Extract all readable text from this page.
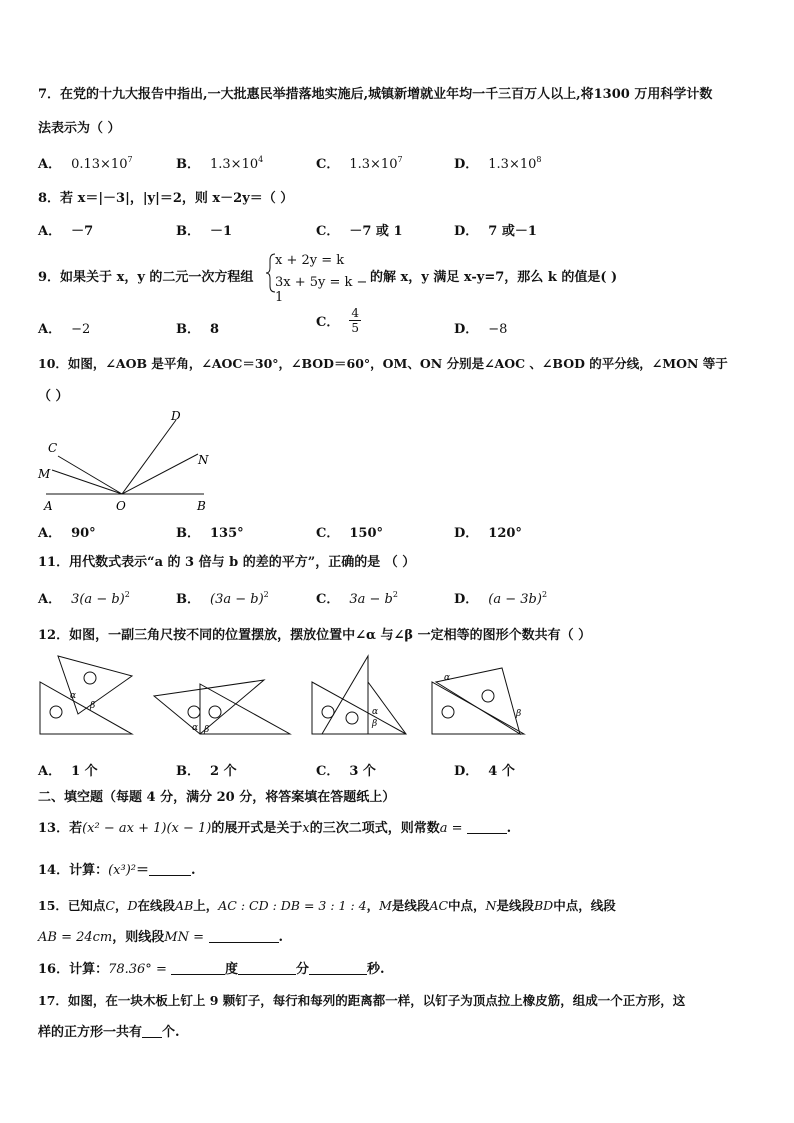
7．在党的十九大报告中指出,一大批惠民举措落地实施后,城镇新增就业年均一千三百万人以上,将1300 万用科学计数
法表示为（ ）
A． $0.13\times 10^7$	B． $1.3\times 10^4$	C． $1.3\times 10^7$	D． $1.3\times 10^8$
8．若 x＝|－3|，|y|＝2，则 x－2y＝（ ）
A． －7	B． －1	C． －7 或 1	D． 7 或－1
9．如果关于 x，y 的二元一次方程组
x + 2y = k
3x + 5y = k − 1
的解 x，y 满足 x-y=7，那么 k 的值是( )
A． −2	B． 8	C． $\frac{4}{5}$	D． −8
10．如图，∠AOB 是平角，∠AOC＝30°，∠BOD＝60°，OM、ON 分别是∠AOC 、∠BOD 的平分线，∠MON 等于
（ ）
A	B
O
C
M
D
N
A． 90°	B． 135°	C． 150°	D． 120°
11．用代数式表示“a 的 3 倍与 b 的差的平方”，正确的是 （ ）
A． $3(a - b)^2$	B． $(3a - b)^2$	C． $3a - b^2$	D． $(a - 3b)^2$
12．如图，一副三角尺按不同的位置摆放，摆放位置中∠α 与∠β 一定相等的图形个数共有（ ）
α
β
α β
α
β
α
β
A． 1 个	B． 2 个	C． 3 个	D． 4 个
二、填空题（每题 4 分，满分 20 分，将答案填在答题纸上）
13．若(x² − ax + 1)(x − 1)的展开式是关于x的三次二项式，则常数a =	.
14．计算：(x³)²＝	.
15．已知点C，D在线段AB上，AC : CD : DB = 3 : 1 : 4，M是线段AC中点，N是线段BD中点，线段
AB = 24cm，则线段MN =	.
16．计算：78.36° =	度	分	秒.
17．如图，在一块木板上钉上 9 颗钉子，每行和每列的距离都一样，以钉子为顶点拉上橡皮筋，组成一个正方形，这
样的正方形一共有 个.
